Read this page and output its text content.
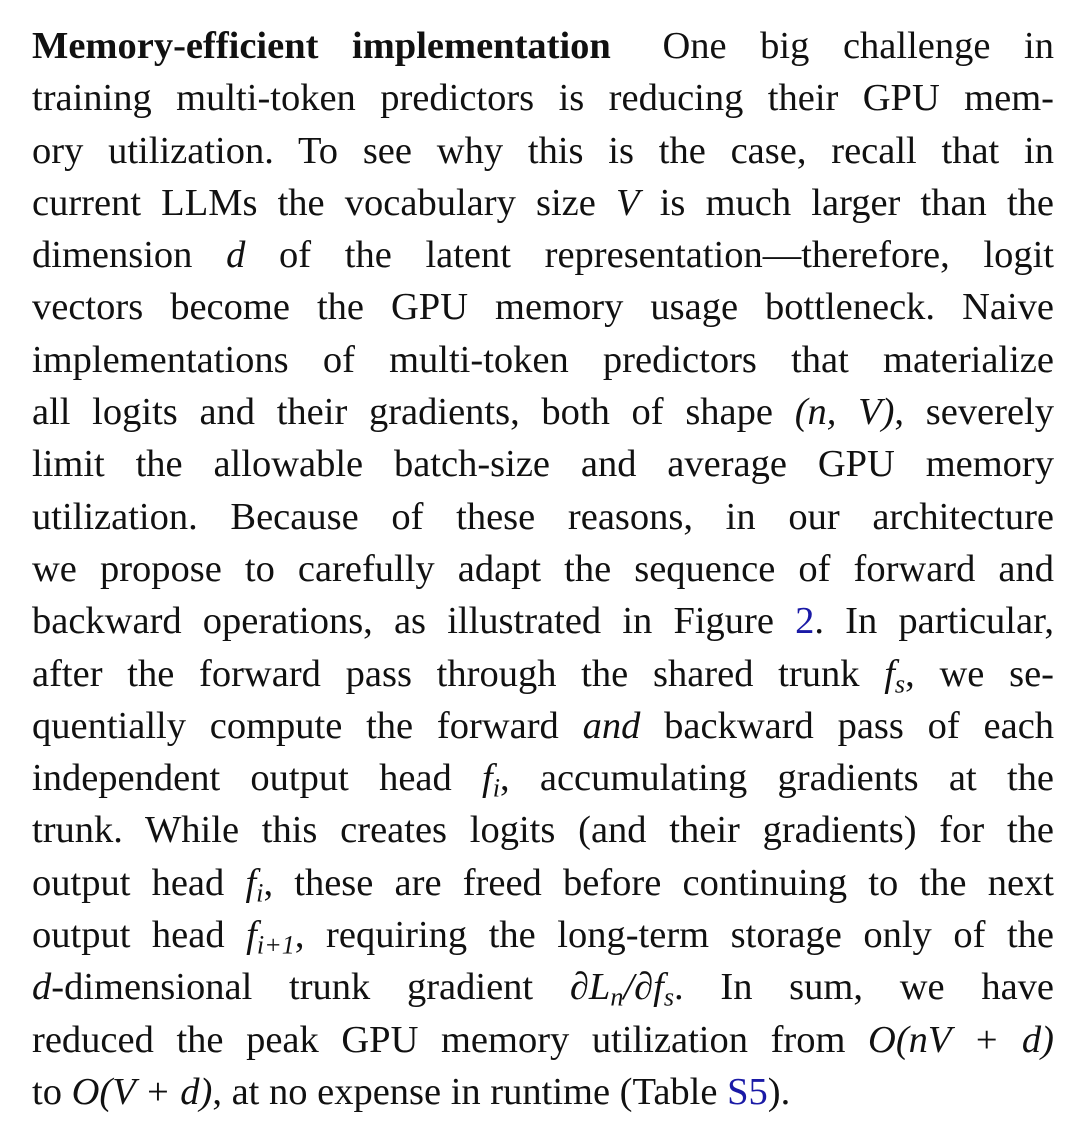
Memory-efficient implementation One big challenge in
training multi-token predictors is reducing their GPU mem-
ory utilization. To see why this is the case, recall that in
current LLMs the vocabulary size V is much larger than the
dimension d of the latent representation—therefore, logit
vectors become the GPU memory usage bottleneck. Naive
implementations of multi-token predictors that materialize
all logits and their gradients, both of shape (n, V), severely
limit the allowable batch-size and average GPU memory
utilization. Because of these reasons, in our architecture
we propose to carefully adapt the sequence of forward and
backward operations, as illustrated in Figure 2. In particular,
after the forward pass through the shared trunk $f_s$, we se-
quentially compute the forward and backward pass of each
independent output head $f_i$, accumulating gradients at the
trunk. While this creates logits (and their gradients) for the
output head $f_i$, these are freed before continuing to the next
output head $f_{i+1}$, requiring the long-term storage only of the
d-dimensional trunk gradient $\partial L_n/\partial f_s$. In sum, we have
reduced the peak GPU memory utilization from O(nV + d)
to O(V + d), at no expense in runtime (Table S5).
